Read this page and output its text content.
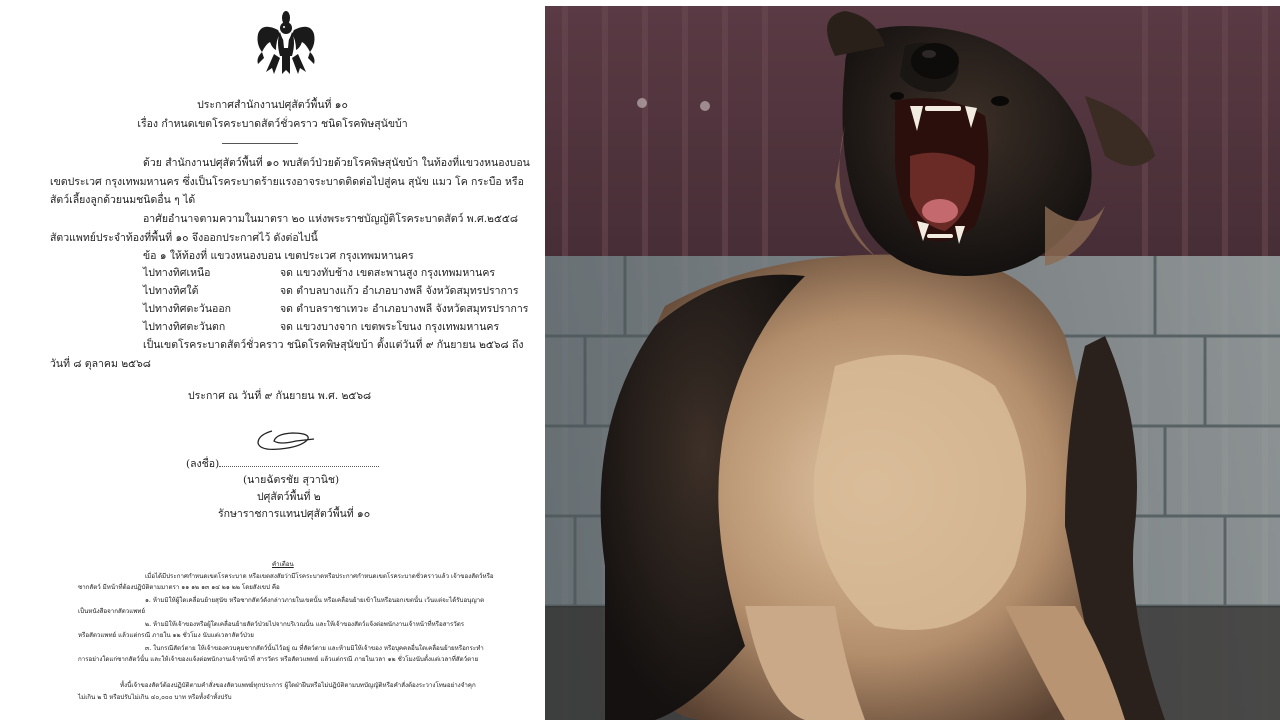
ประกาศสำนักงานปศุสัตว์พื้นที่ ๑๐
เรื่อง กำหนดเขตโรคระบาดสัตว์ชั่วคราว ชนิดโรคพิษสุนัขบ้า
ด้วย สำนักงานปศุสัตว์พื้นที่ ๑๐ พบสัตว์ป่วยด้วยโรคพิษสุนัขบ้า ในท้องที่แขวงหนองบอน
เขตประเวศ กรุงเทพมหานคร ซึ่งเป็นโรคระบาดร้ายแรงอาจระบาดติดต่อไปสู่คน สุนัข แมว โค กระบือ หรือ
สัตว์เลี้ยงลูกด้วยนมชนิดอื่น ๆ ได้
อาศัยอำนาจตามความในมาตรา ๒๐ แห่งพระราชบัญญัติโรคระบาดสัตว์ พ.ศ.๒๕๕๘
สัตวแพทย์ประจำท้องที่พื้นที่ ๑๐ จึงออกประกาศไว้ ดังต่อไปนี้
ข้อ ๑ ให้ท้องที่ แขวงหนองบอน เขตประเวศ กรุงเทพมหานคร
ไปทางทิศเหนือ	จด แขวงทับช้าง เขตสะพานสูง กรุงเทพมหานคร
ไปทางทิศใต้	จด ตำบลบางแก้ว อำเภอบางพลี จังหวัดสมุทรปราการ
ไปทางทิศตะวันออก	จด ตำบลราชาเทวะ อำเภอบางพลี จังหวัดสมุทรปราการ
ไปทางทิศตะวันตก	จด แขวงบางจาก เขตพระโขนง กรุงเทพมหานคร
เป็นเขตโรคระบาดสัตว์ชั่วคราว ชนิดโรคพิษสุนัขบ้า ตั้งแต่วันที่ ๙ กันยายน ๒๕๖๘ ถึง
วันที่ ๘ ตุลาคม ๒๕๖๘
ประกาศ ณ วันที่ ๙ กันยายน พ.ศ. ๒๕๖๘
(ลงชื่อ)
(นายฉัตรชัย สุวานิช)
ปศุสัตว์พื้นที่ ๒
รักษาราชการแทนปศุสัตว์พื้นที่ ๑๐
คำเตือน
เมื่อได้มีประกาศกำหนดเขตโรคระบาด หรือเขตสงสัยว่ามีโรคระบาดหรือประกาศกำหนดเขตโรคระบาดชั่วคราวแล้ว เจ้าของสัตว์หรือ
ซากสัตว์ มีหน้าที่ต้องปฏิบัติตามมาตรา ๑๑ ๑๒ ๑๓ ๑๔ ๒๑ ๒๒ โดยสังเขป คือ
๑. ห้ามมิให้ผู้ใดเคลื่อนย้ายสุนัข หรือซากสัตว์ดังกล่าวภายในเขตนั้น หรือเคลื่อนย้ายเข้าในหรือนอกเขตนั้น เว้นแต่จะได้รับอนุญาต
เป็นหนังสือจากสัตวแพทย์
๒. ห้ามมิให้เจ้าของหรือผู้ใดเคลื่อนย้ายสัตว์ป่วยไปจากบริเวณนั้น และให้เจ้าของสัตว์แจ้งต่อพนักงานเจ้าหน้าที่หรือสารวัตร
หรือสัตวแพทย์ แล้วแต่กรณี ภายใน ๑๒ ชั่วโมง นับแต่เวลาสัตว์ป่วย
๓. ในกรณีสัตว์ตาย ให้เจ้าของควบคุมซากสัตว์นั้นไว้อยู่ ณ ที่สัตว์ตาย และห้ามมิให้เจ้าของ หรือบุคคลอื่นใดเคลื่อนย้ายหรือกระทำ
การอย่างใดแก่ซากสัตว์นั้น และให้เจ้าของแจ้งต่อพนักงานเจ้าหน้าที่ สารวัตร หรือสัตวแพทย์ แล้วแต่กรณี ภายในเวลา ๑๒ ชั่วโมงนับตั้งแต่เวลาที่สัตว์ตาย
ทั้งนี้เจ้าของสัตว์ต้องปฏิบัติตามคำสั่งของสัตวแพทย์ทุกประการ ผู้ใดฝ่าฝืนหรือไม่ปฏิบัติตามบทบัญญัติหรือคำสั่งต้องระวางโทษอย่างจำคุก
ไม่เกิน ๒ ปี หรือปรับไม่เกิน ๔๐,๐๐๐ บาท หรือทั้งจำทั้งปรับ
